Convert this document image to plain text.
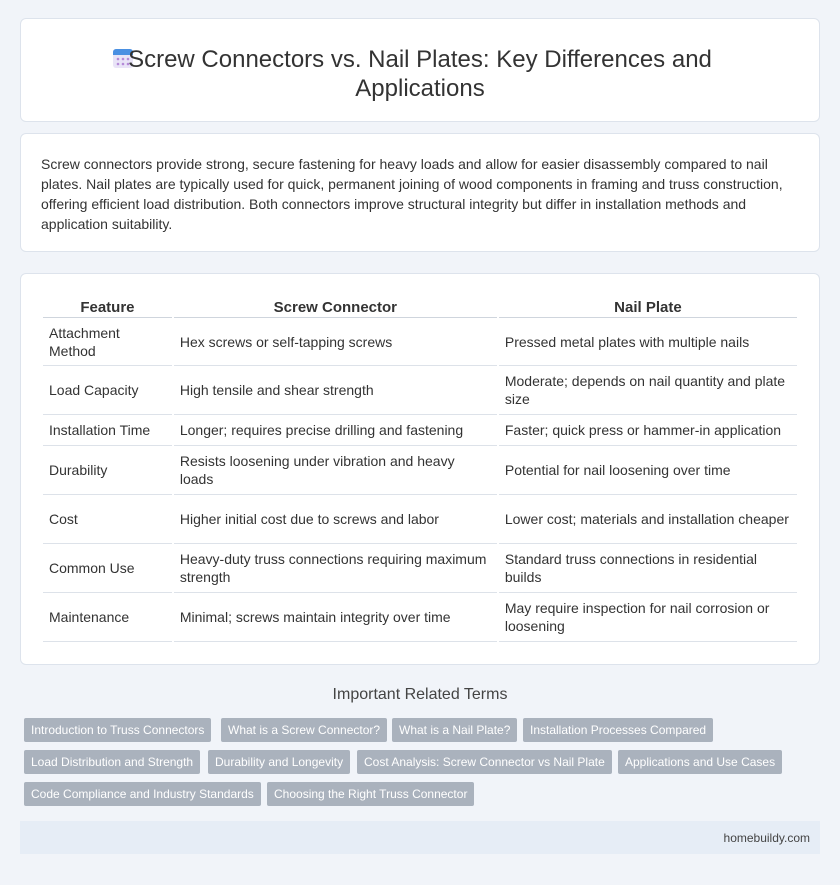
Screw Connectors vs. Nail Plates: Key Differences and
Applications

Screw connectors provide strong, secure fastening for heavy loads and allow for easier disassembly compared to nail plates. Nail plates are typically used for quick, permanent joining of wood components in framing and truss construction, offering efficient load distribution. Both connectors improve structural integrity but differ in installation methods and application suitability.

Feature	Screw Connector	Nail Plate
Attachment Method	Hex screws or self-tapping screws	Pressed metal plates with multiple nails
Load Capacity	High tensile and shear strength	Moderate; depends on nail quantity and plate size
Installation Time	Longer; requires precise drilling and fastening	Faster; quick press or hammer-in application
Durability	Resists loosening under vibration and heavy loads	Potential for nail loosening over time
Cost	Higher initial cost due to screws and labor	Lower cost; materials and installation cheaper
Common Use	Heavy-duty truss connections requiring maximum strength	Standard truss connections in residential builds
Maintenance	Minimal; screws maintain integrity over time	May require inspection for nail corrosion or loosening
Important Related Terms
Introduction to Truss Connectors	What is a Screw Connector?	What is a Nail Plate?	Installation Processes Compared
Load Distribution and Strength	Durability and Longevity	Cost Analysis: Screw Connector vs Nail Plate	Applications and Use Cases
Code Compliance and Industry Standards	Choosing the Right Truss Connector
homebuildy.com
